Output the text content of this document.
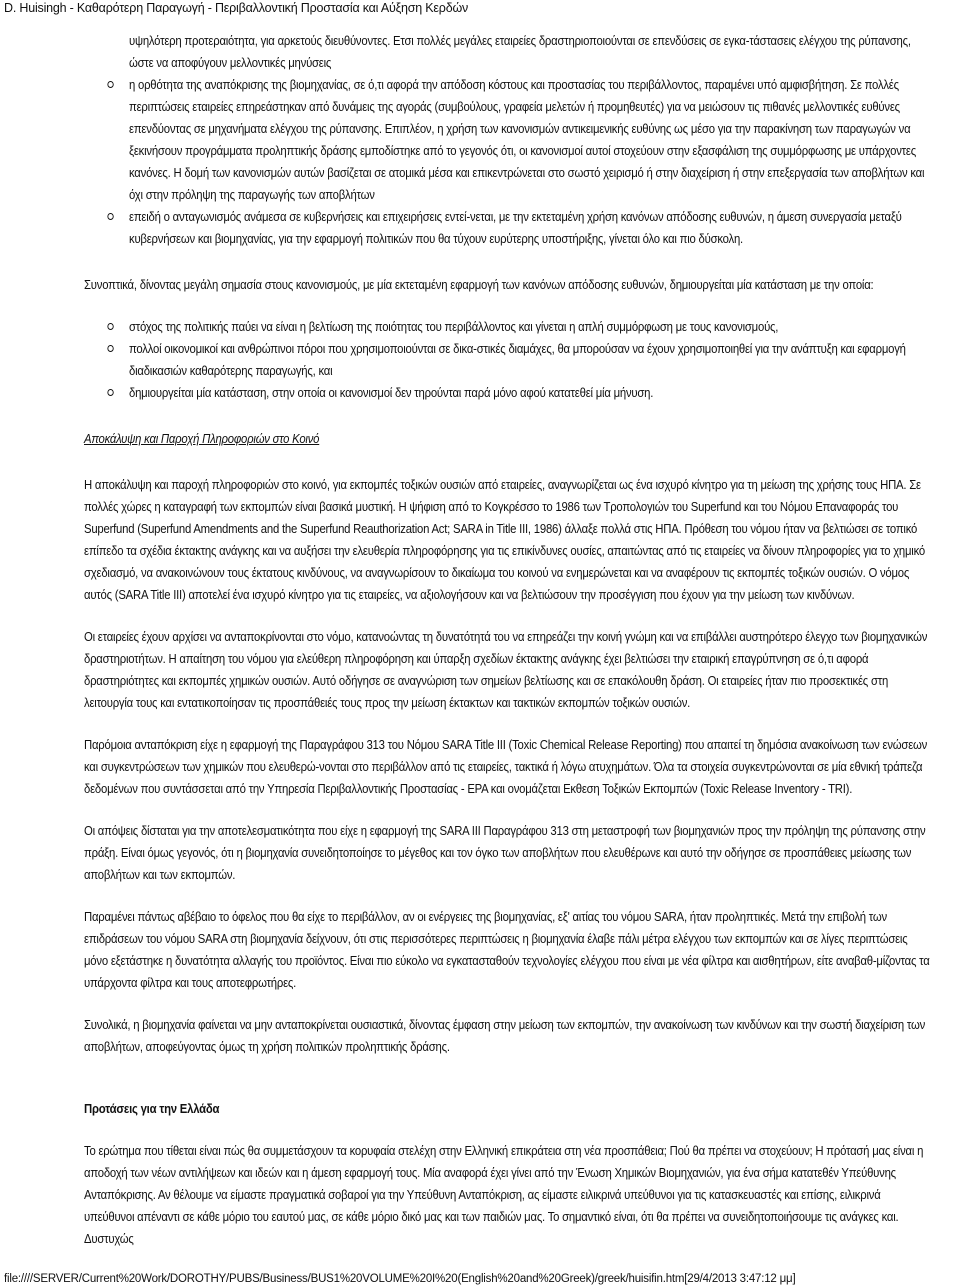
D. Huisingh - Καθαρότερη Παραγωγή - Περιβαλλοντική Προστασία και Αύξηση Κερδών

υψηλότερη προτεραιότητα, για αρκετούς διευθύνοντες. Ετσι πολλές μεγάλες εταιρείες δραστηριοποιούνται σε επενδύσεις σε εγκα-τάστασεις ελέγχου της ρύπανσης, ώστε να αποφύγουν μελλοντικές μηνύσεις

η ορθότητα της αναπόκρισης της βιομηχανίας, σε ό,τι αφορά την απόδοση κόστους και προστασίας του περιβάλλοντος, παραμένει υπό αμφισβήτηση. Σε πολλές περιπτώσεις εταιρείες επηρεάστηκαν από δυνάμεις της αγοράς (συμβούλους, γραφεία μελετών ή προμηθευτές) για να μειώσουν τις πιθανές μελλοντικές ευθύνες επενδύοντας σε μηχανήματα ελέγχου της ρύπανσης. Επιπλέον, η χρήση των κανονισμών αντικειμενικής ευθύνης ως μέσο για την παρακίνηση των παραγωγών να ξεκινήσουν προγράμματα προληπτικής δράσης εμποδίστηκε από το γεγονός ότι, οι κανονισμοί αυτοί στοχεύουν στην εξασφάλιση της συμμόρφωσης με υπάρχοντες κανόνες. Η δομή των κανονισμών αυτών βασίζεται σε ατομικά μέσα και επικεντρώνεται στο σωστό χειρισμό ή στην διαχείριση ή στην επεξεργασία των αποβλήτων και όχι στην πρόληψη της παραγωγής των αποβλήτων
επειδή ο ανταγωνισμός ανάμεσα σε κυβερνήσεις και επιχειρήσεις εντεί-νεται, με την εκτεταμένη χρήση κανόνων απόδοσης ευθυνών, η άμεση συνεργασία μεταξύ κυβερνήσεων και βιομηχανίας, για την εφαρμογή πολιτικών που θα τύχουν ευρύτερης υποστήριξης, γίνεται όλο και πιο δύσκολη.

Συνοπτικά, δίνοντας μεγάλη σημασία στους κανονισμούς, με μία εκτεταμένη εφαρμογή των κανόνων απόδοσης ευθυνών, δημιουργείται μία κατάσταση με την οποία:

στόχος της πολιτικής παύει να είναι η βελτίωση της ποιότητας του περιβάλλοντος και γίνεται η απλή συμμόρφωση με τους κανονισμούς,
πολλοί οικονομικοί και ανθρώπινοι πόροι που χρησιμοποιούνται σε δικα-στικές διαμάχες, θα μπορούσαν να έχουν χρησιμοποιηθεί για την ανάπτυξη και εφαρμογή διαδικασιών καθαρότερης παραγωγής, και
δημιουργείται μία κατάσταση, στην οποία οι κανονισμοί δεν τηρούνται παρά μόνο αφού κατατεθεί μία μήνυση.

Αποκάλυψη και Παροχή Πληροφοριών στο Κοινό

Η αποκάλυψη και παροχή πληροφοριών στο κοινό, για εκπομπές τοξικών ουσιών από εταιρείες, αναγνωρίζεται ως ένα ισχυρό κίνητρο για τη μείωση της χρήσης τους ΗΠΑ. Σε πολλές χώρες η καταγραφή των εκπομπών είναι βασικά μυστική. Η ψήφιση από το Κογκρέσσο το 1986 των Τροπολογιών του Superfund και του Νόμου Επαναφοράς του Superfund (Superfund Amendments and the Superfund Reauthorization Act; SARA in Title III, 1986) άλλαξε πολλά στις ΗΠΑ. Πρόθεση του νόμου ήταν να βελτιώσει σε τοπικό επίπεδο τα σχέδια έκτακτης ανάγκης και να αυξήσει την ελευθερία πληροφόρησης για τις επικίνδυνες ουσίες, απαιτώντας από τις εταιρείες να δίνουν πληροφορίες για το χημικό σχεδιασμό, να ανακοινώνουν τους έκτατους κινδύνους, να αναγνωρίσουν το δικαίωμα του κοινού να ενημερώνεται και να αναφέρουν τις εκπομπές τοξικών ουσιών. Ο νόμος αυτός (SARA Title III) αποτελεί ένα ισχυρό κίνητρο για τις εταιρείες, να αξιολογήσουν και να βελτιώσουν την προσέγγιση που έχουν για την μείωση των κινδύνων.

Οι εταιρείες έχουν αρχίσει να ανταποκρίνονται στο νόμο, κατανοώντας τη δυνατότητά του να επηρεάζει την κοινή γνώμη και να επιβάλλει αυστηρότερο έλεγχο των βιομηχανικών δραστηριοτήτων. Η απαίτηση του νόμου για ελεύθερη πληροφόρηση και ύπαρξη σχεδίων έκτακτης ανάγκης έχει βελτιώσει την εταιρική επαγρύπνηση σε ό,τι αφορά δραστηριότητες και εκπομπές χημικών ουσιών. Αυτό οδήγησε σε αναγνώριση των σημείων βελτίωσης και σε επακόλουθη δράση. Οι εταιρείες ήταν πιο προσεκτικές στη λειτουργία τους και εντατικοποίησαν τις προσπάθειές τους προς την μείωση έκτακτων και τακτικών εκπομπών τοξικών ουσιών.

Παρόμοια ανταπόκριση είχε η εφαρμογή της Παραγράφου 313 του Νόμου SARA Title III (Toxic Chemical Release Reporting) που απαιτεί τη δημόσια ανακοίνωση των ενώσεων και συγκεντρώσεων των χημικών που ελευθερώ-νονται στο περιβάλλον από τις εταιρείες, τακτικά ή λόγω ατυχημάτων. Όλα τα στοιχεία συγκεντρώνονται σε μία εθνική τράπεζα δεδομένων που συντάσσεται από την Υπηρεσία Περιβαλλοντικής Προστασίας - EPA και ονομάζεται Εκθεση Τοξικών Εκπομπών (Toxic Release Inventory - TRI).

Οι απόψεις δίσταται για την αποτελεσματικότητα που είχε η εφαρμογή της SARA III Παραγράφου 313 στη μεταστροφή των βιομηχανιών προς την πρόληψη της ρύπανσης στην πράξη. Είναι όμως γεγονός, ότι η βιομηχανία συνειδητοποίησε το μέγεθος και τον όγκο των αποβλήτων που ελευθέρωνε και αυτό την οδήγησε σε προσπάθειες μείωσης των αποβλήτων και των εκπομπών.

Παραμένει πάντως αβέβαιο το όφελος που θα είχε το περιβάλλον, αν οι ενέργειες της βιομηχανίας, εξ' αιτίας του νόμου SARA, ήταν προληπτικές. Μετά την επιβολή των επιδράσεων του νόμου SARA στη βιομηχανία δείχνουν, ότι στις περισσότερες περιπτώσεις η βιομηχανία έλαβε πάλι μέτρα ελέγχου των εκπομπών και σε λίγες περιπτώσεις μόνο εξετάστηκε η δυνατότητα αλλαγής του προϊόντος. Είναι πιο εύκολο να εγκατασταθούν τεχνολογίες ελέγχου που είναι με νέα φίλτρα και αισθητήρων, είτε αναβαθ-μίζοντας τα υπάρχοντα φίλτρα και τους αποτεφρωτήρες.

Συνολικά, η βιομηχανία φαίνεται να μην ανταποκρίνεται ουσιαστικά, δίνοντας έμφαση στην μείωση των εκπομπών, την ανακοίνωση των κινδύνων και την σωστή διαχείριση των αποβλήτων, αποφεύγοντας όμως τη χρήση πολιτικών προληπτικής δράσης.

Προτάσεις για την Ελλάδα

Το ερώτημα που τίθεται είναι πώς θα συμμετάσχουν τα κορυφαία στελέχη στην Ελληνική επικράτεια στη νέα προσπάθεια; Πού θα πρέπει να στοχεύουν; Η πρότασή μας είναι η αποδοχή των νέων αντιλήψεων και ιδεών και η άμεση εφαρμογή τους. Μία αναφορά έχει γίνει από την Ένωση Χημικών Βιομηχανιών, για ένα σήμα κατατεθέν Υπεύθυνης Ανταπόκρισης. Αν θέλουμε να είμαστε πραγματικά σοβαροί για την Υπεύθυνη Ανταπόκριση, ας είμαστε ειλικρινά υπεύθυνοι για τις κατασκευαστές και επίσης, ειλικρινά υπεύθυνοι απέναντι σε κάθε μόριο του εαυτού μας, σε κάθε μόριο δικό μας και των παιδιών μας. Το σημαντικό είναι, ότι θα πρέπει να συνειδητοποιήσουμε τις ανάγκες και. Δυστυχώς

file:////SERVER/Current%20Work/DOROTHY/PUBS/Business/BUS1%20VOLUME%20I%20(English%20and%20Greek)/greek/huisifin.htm[29/4/2013 3:47:12 μμ]
